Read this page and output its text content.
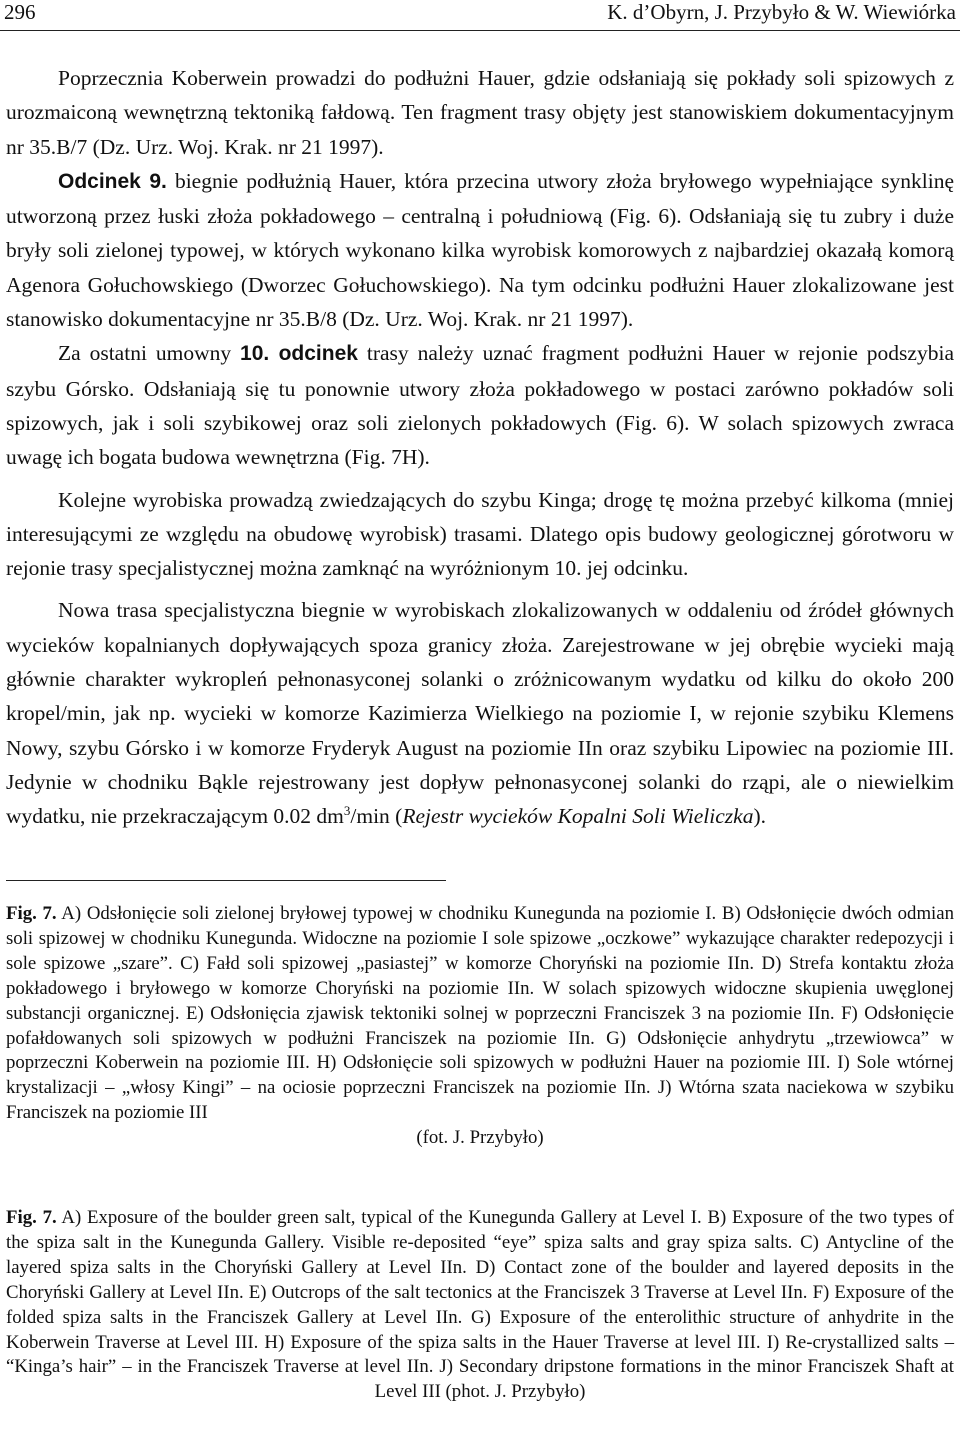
296	K. d’Obyrn, J. Przybyło & W. Wiewiórka

Poprzecznia Koberwein prowadzi do podłużni Hauer, gdzie odsłaniają się pokłady soli spizowych z urozmaiconą wewnętrzną tektoniką fałdową. Ten fragment trasy objęty jest stanowiskiem dokumentacyjnym nr 35.B/7 (Dz. Urz. Woj. Krak. nr 21 1997).

Odcinek 9. biegnie podłużnią Hauer, która przecina utwory złoża bryłowego wypełniające synklinę utworzoną przez łuski złoża pokładowego – centralną i południową (Fig. 6). Odsłaniają się tu zubry i duże bryły soli zielonej typowej, w których wykonano kilka wyrobisk komorowych z najbardziej okazałą komorą Agenora Gołuchowskiego (Dworzec Gołuchowskiego). Na tym odcinku podłużni Hauer zlokalizowane jest stanowisko dokumentacyjne nr 35.B/8 (Dz. Urz. Woj. Krak. nr 21 1997).

Za ostatni umowny 10. odcinek trasy należy uznać fragment podłużni Hauer w rejonie podszybia szybu Górsko. Odsłaniają się tu ponownie utwory złoża pokładowego w postaci zarówno pokładów soli spizowych, jak i soli szybikowej oraz soli zielonych pokładowych (Fig. 6). W solach spizowych zwraca uwagę ich bogata budowa wewnętrzna (Fig. 7H).

Kolejne wyrobiska prowadzą zwiedzających do szybu Kinga; drogę tę można przebyć kilkoma (mniej interesującymi ze względu na obudowę wyrobisk) trasami. Dlatego opis budowy geologicznej górotworu w rejonie trasy specjalistycznej można zamknąć na wyróżnionym 10. jej odcinku.

Nowa trasa specjalistyczna biegnie w wyrobiskach zlokalizowanych w oddaleniu od źródeł głównych wycieków kopalnianych dopływających spoza granicy złoża. Zarejestrowane w jej obrębie wycieki mają głównie charakter wykropleń pełnonasyconej solanki o zróżnicowanym wydatku od kilku do około 200 kropel/min, jak np. wycieki w komorze Kazimierza Wielkiego na poziomie I, w rejonie szybiku Klemens Nowy, szybu Górsko i w komorze Fryderyk August na poziomie IIn oraz szybiku Lipowiec na poziomie III. Jedynie w chodniku Bąkle rejestrowany jest dopływ pełnonasyconej solanki do rząpi, ale o niewielkim wydatku, nie przekraczającym 0.02 $dm^3/\min$ (Rejestr wycieków Kopalni Soli Wieliczka).

Fig. 7. A) Odsłonięcie soli zielonej bryłowej typowej w chodniku Kunegunda na poziomie I. B) Odsłonięcie dwóch odmian soli spizowej w chodniku Kunegunda. Widoczne na poziomie I sole spizowe „oczkowe” wykazujące charakter redepozycji i sole spizowe „szare”. C) Fałd soli spizowej „pasiastej” w komorze Choryński na poziomie IIn. D) Strefa kontaktu złoża pokładowego i bryłowego w komorze Choryński na poziomie IIn. W solach spizowych widoczne skupienia uwęglonej substancji organicznej. E) Odsłonięcia zjawisk tektoniki solnej w poprzeczni Franciszek 3 na poziomie IIn. F) Odsłonięcie pofałdowanych soli spizowych w podłużni Franciszek na poziomie IIn. G) Odsłonięcie anhydrytu „trzewiowca” w poprzeczni Koberwein na poziomie III. H) Odsłonięcie soli spizowych w podłużni Hauer na poziomie III. I) Sole wtórnej krystalizacji – „włosy Kingi” – na ociosie poprzeczni Franciszek na poziomie IIn. J) Wtórna szata naciekowa w szybiku Franciszek na poziomie III
(fot. J. Przybyło)
Fig. 7. A) Exposure of the boulder green salt, typical of the Kunegunda Gallery at Level I. B) Exposure of the two types of the spiza salt in the Kunegunda Gallery. Visible re-deposited “eye” spiza salts and gray spiza salts. C) Antycline of the layered spiza salts in the Choryński Gallery at Level IIn. D) Contact zone of the boulder and layered deposits in the Choryński Gallery at Level IIn. E) Outcrops of the salt tectonics at the Franciszek 3 Traverse at Level IIn. F) Exposure of the folded spiza salts in the Franciszek Gallery at Level IIn. G) Exposure of the enterolithic structure of anhydrite in the Koberwein Traverse at Level III. H) Exposure of the spiza salts in the Hauer Traverse at level III. I) Re-crystallized salts – “Kinga’s hair” – in the Franciszek Traverse at level IIn. J) Secondary dripstone formations in the minor Franciszek Shaft at Level III (phot. J. Przybyło)
